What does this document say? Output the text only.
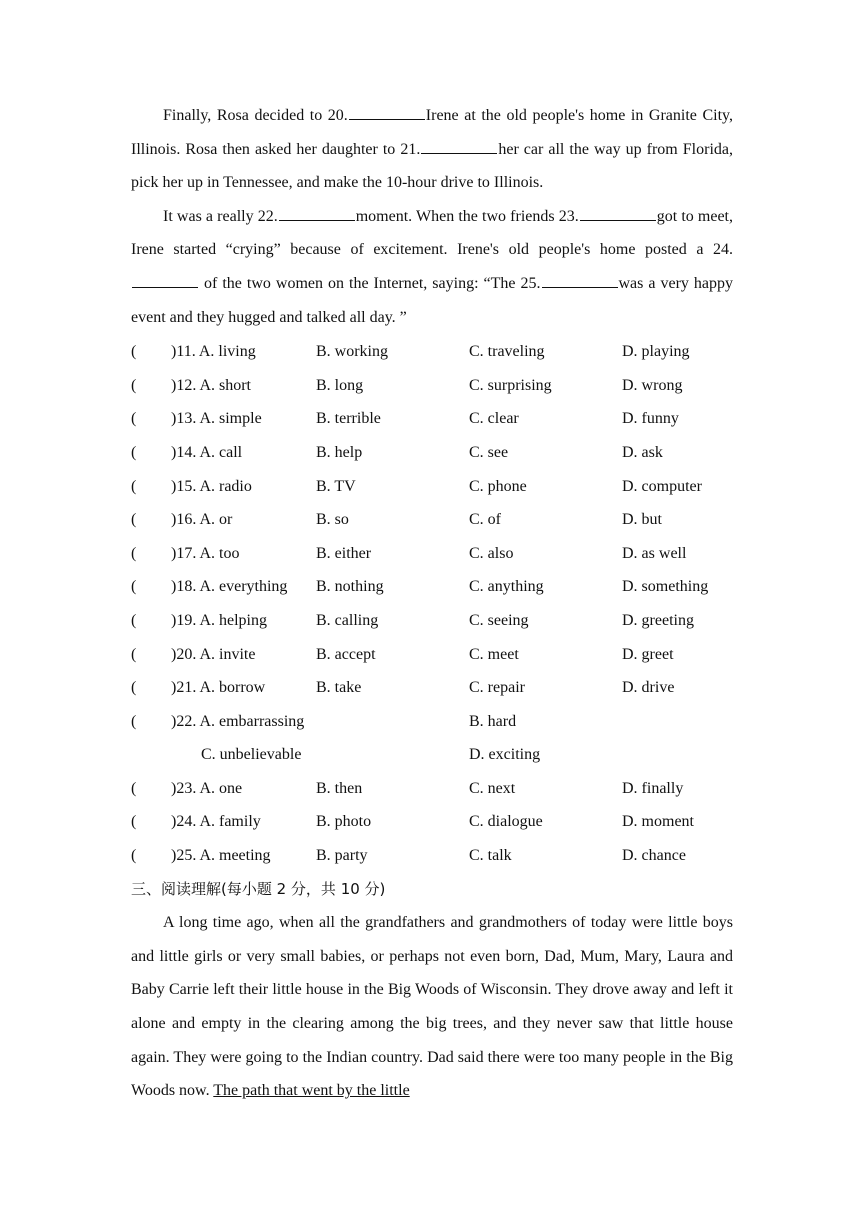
Finally, Rosa decided to 20.	Irene at the old people's home in Granite City, Illinois. Rosa then asked her daughter to 21.	her car all the way up from Florida, pick her up in Tennessee, and make the 10-hour drive to Illinois.

It was a really 22.	moment. When the two friends 23.	got to meet, Irene started “crying” because of excitement. Irene's old people's home posted a 24.  of the two women on the Internet, saying: “The 25.	was a very happy event and they hugged and talked all day. ”

( )11. A. living	B. working	C. traveling	D. playing
( )12. A. short	B. long	C. surprising	D. wrong
( )13. A. simple	B. terrible	C. clear	D. funny
( )14. A. call	B. help	C. see	D. ask
( )15. A. radio	B. TV	C. phone	D. computer
( )16. A. or	B. so	C. of	D. but
( )17. A. too	B. either	C. also	D. as well
( )18. A. everything B. nothing	C. anything	D. something
( )19. A. helping	B. calling	C. seeing	D. greeting
( )20. A. invite	B. accept	C. meet	D. greet
( )21. A. borrow	B. take	C. repair	D. drive
( )22. A. embarrassing	B. hard
C. unbelievable	D. exciting
( )23. A. one	B. then	C. next	D. finally
( )24. A. family	B. photo	C. dialogue	D. moment
( )25. A. meeting	B. party	C. talk	D. chance

三、阅读理解(每小题 2 分，共 10 分)

A long time ago, when all the grandfathers and grandmothers of today were little boys and little girls or very small babies, or perhaps not even born, Dad, Mum, Mary, Laura and Baby Carrie left their little house in the Big Woods of Wisconsin. They drove away and left it alone and empty in the clearing among the big trees, and they never saw that little house again. They were going to the Indian country. Dad said there were too many people in the Big Woods now. The path that went by the little
